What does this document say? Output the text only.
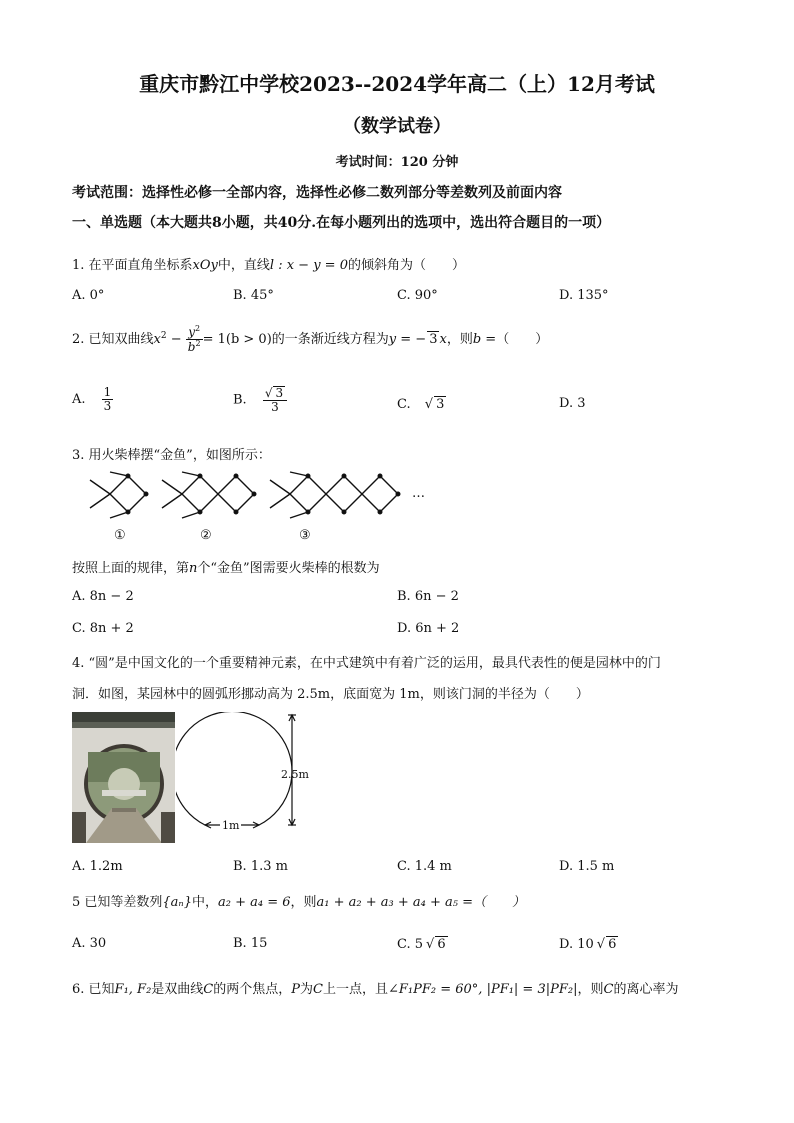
重庆市黔江中学校2023--2024学年高二（上）12月考试
（数学试卷）
考试时间：120 分钟
考试范围：选择性必修一全部内容，选择性必修二数列部分等差数列及前面内容
一、单选题（本大题共8小题，共40分.在每小题列出的选项中，选出符合题目的一项）
1. 在平面直角坐标系xOy中，直线l : x − y = 0的倾斜角为（　　）
A. 0°	B. 45°	C. 90°	D. 135°
2. 已知双曲线$x^2 - \frac{y^2}{b^2} = 1(b > 0)$的一条渐近线方程为y = − 3 x，则b =（　　）
A. $\frac{1}{3}$	B. $\frac{√ 3}{3}$	C. √ 3	D. 3
3. 用火柴棒摆“金鱼”，如图所示：
…
①	②	③
按照上面的规律，第n个“金鱼”图需要火柴棒的根数为
A. 8n − 2	B. 6n − 2
C. 8n + 2	D. 6n + 2
4. “圆”是中国文化的一个重要精神元素，在中式建筑中有着广泛的运用，最具代表性的便是园林中的门
洞．如图，某园林中的圆弧形挪动高为 2.5m，底面宽为 1m，则该门洞的半径为（　　）
2.5m
1m
A. 1.2m	B. 1.3 m	C. 1.4 m	D. 1.5 m
5 已知等差数列{aₙ}中，a₂ + a₄ = 6，则a₁ + a₂ + a₃ + a₄ + a₅ =（　　）
A. 30	B. 15	C. 5 √ 6	D. 10 √ 6
6. 已知F₁, F₂是双曲线C的两个焦点，P为C上一点，且∠F₁PF₂ = 60°, |PF₁| = 3|PF₂|，则C的离心率为
